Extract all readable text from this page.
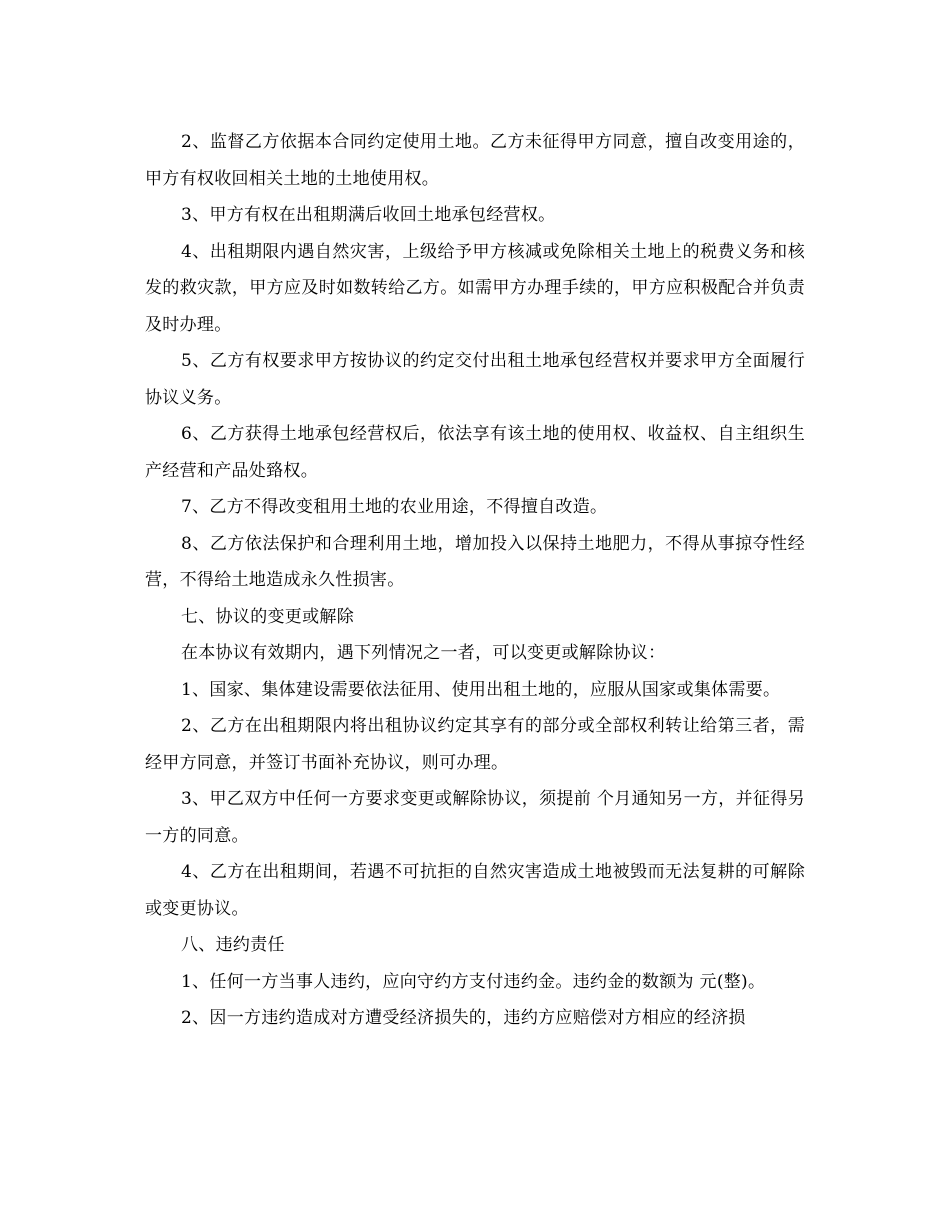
2、监督乙方依据本合同约定使用土地。乙方未征得甲方同意，擅自改变用途的，甲方有权收回相关土地的土地使用权。

3、甲方有权在出租期满后收回土地承包经营权。

4、出租期限内遇自然灾害，上级给予甲方核减或免除相关土地上的税费义务和核发的救灾款，甲方应及时如数转给乙方。如需甲方办理手续的，甲方应积极配合并负责及时办理。

5、乙方有权要求甲方按协议的约定交付出租土地承包经营权并要求甲方全面履行协议义务。

6、乙方获得土地承包经营权后，依法享有该土地的使用权、收益权、自主组织生产经营和产品处臵权。

7、乙方不得改变租用土地的农业用途，不得擅自改造。

8、乙方依法保护和合理利用土地，增加投入以保持土地肥力，不得从事掠夺性经营，不得给土地造成永久性损害。

七、协议的变更或解除

在本协议有效期内，遇下列情况之一者，可以变更或解除协议：

1、国家、集体建设需要依法征用、使用出租土地的，应服从国家或集体需要。

2、乙方在出租期限内将出租协议约定其享有的部分或全部权利转让给第三者，需经甲方同意，并签订书面补充协议，则可办理。

3、甲乙双方中任何一方要求变更或解除协议，须提前 个月通知另一方，并征得另一方的同意。

4、乙方在出租期间，若遇不可抗拒的自然灾害造成土地被毁而无法复耕的可解除或变更协议。

八、违约责任

1、任何一方当事人违约，应向守约方支付违约金。违约金的数额为 元(整)。

2、因一方违约造成对方遭受经济损失的，违约方应赔偿对方相应的经济损
